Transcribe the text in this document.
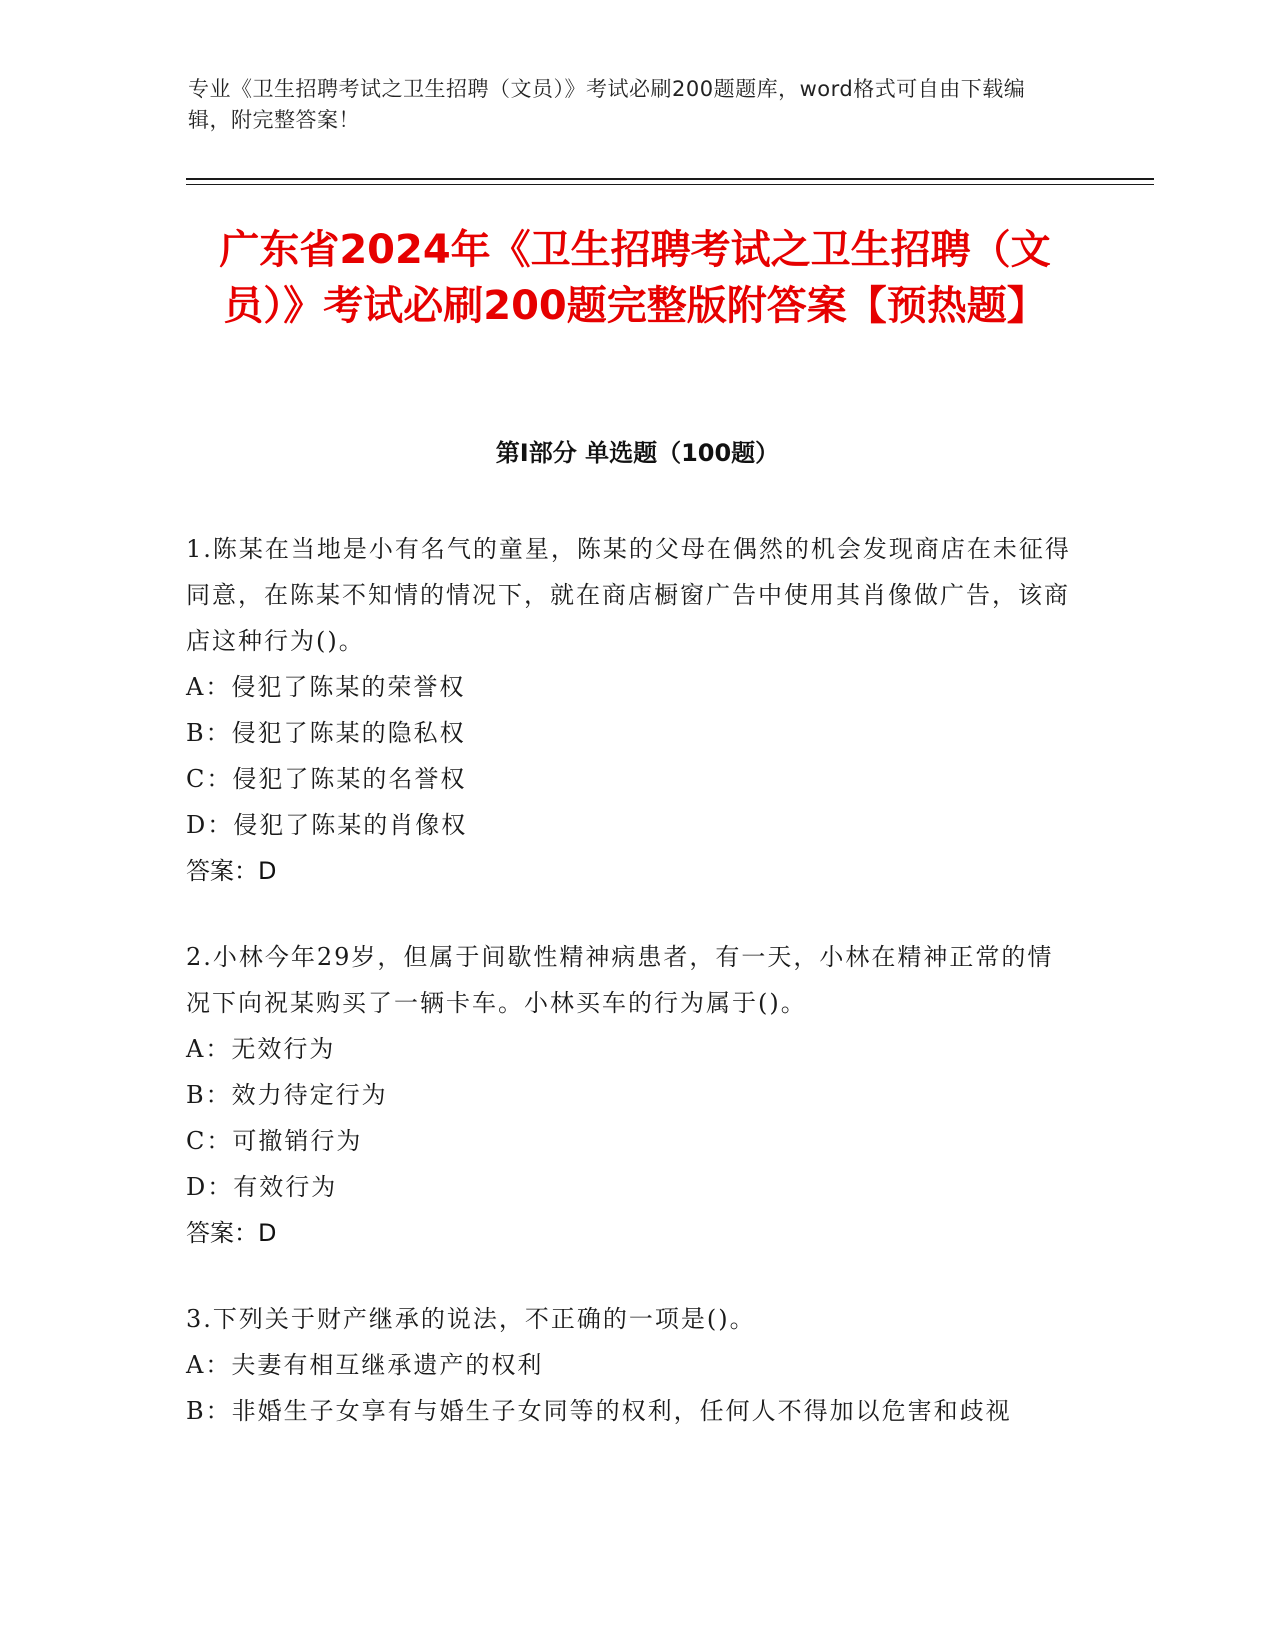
专业《卫生招聘考试之卫生招聘（文员）》考试必刷200题题库，word格式可自由下载编辑，附完整答案！
广东省2024年《卫生招聘考试之卫生招聘（文员）》考试必刷200题完整版附答案【预热题】
第I部分 单选题（100题）

1.陈某在当地是小有名气的童星，陈某的父母在偶然的机会发现商店在未征得同意，在陈某不知情的情况下，就在商店橱窗广告中使用其肖像做广告，该商店这种行为()。

A：侵犯了陈某的荣誉权

B：侵犯了陈某的隐私权

C：侵犯了陈某的名誉权

D：侵犯了陈某的肖像权

答案：D

2.小林今年29岁，但属于间歇性精神病患者，有一天，小林在精神正常的情况下向祝某购买了一辆卡车。小林买车的行为属于()。

A：无效行为

B：效力待定行为

C：可撤销行为

D：有效行为

答案：D

3.下列关于财产继承的说法，不正确的一项是()。

A：夫妻有相互继承遗产的权利

B：非婚生子女享有与婚生子女同等的权利，任何人不得加以危害和歧视
